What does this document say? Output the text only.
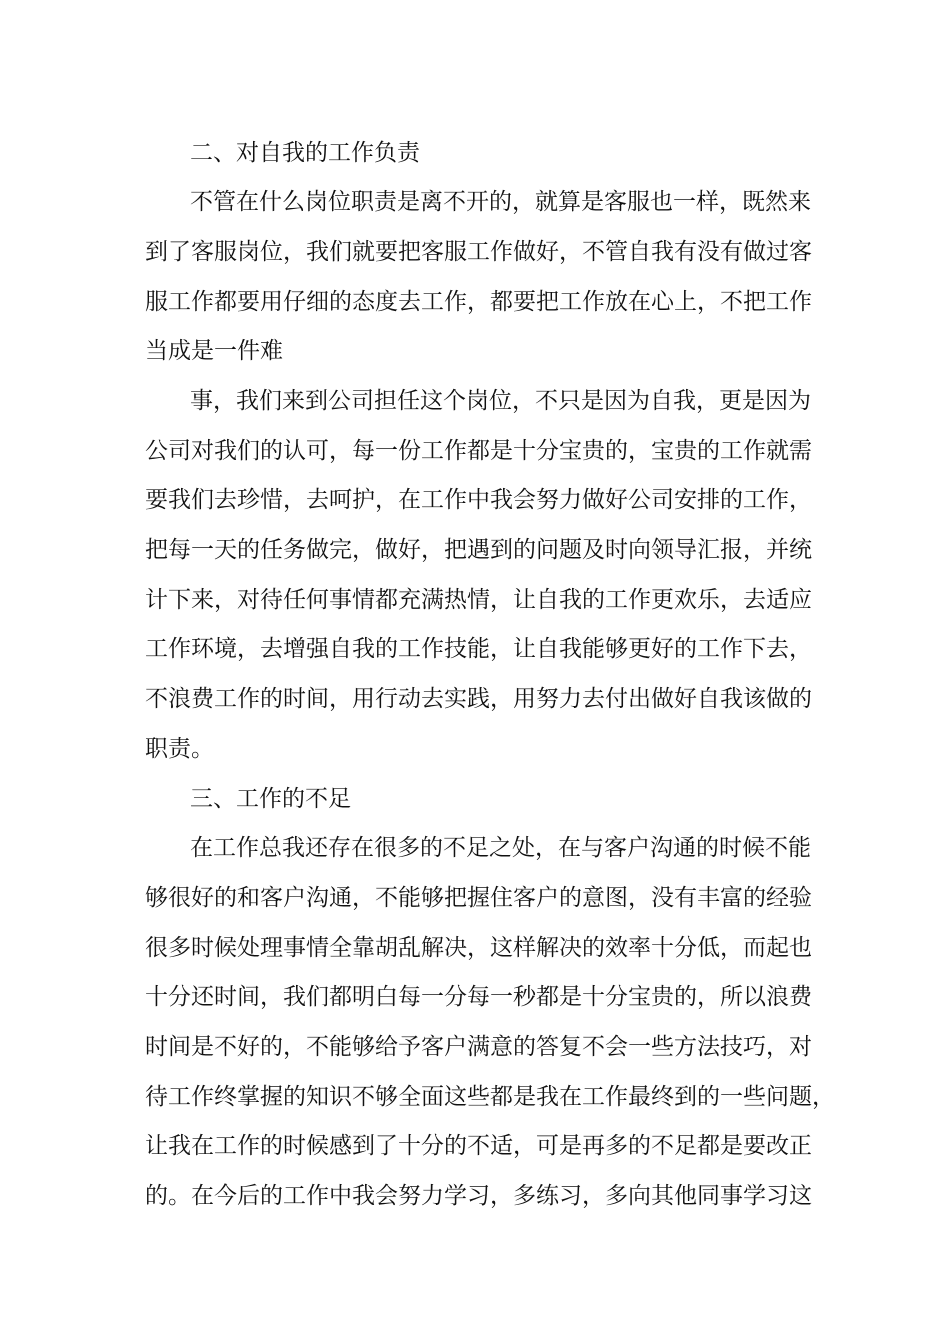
二、对自我的工作负责
不管在什么岗位职责是离不开的，就算是客服也一样，既然来
到了客服岗位，我们就要把客服工作做好，不管自我有没有做过客
服工作都要用仔细的态度去工作，都要把工作放在心上，不把工作
当成是一件难
事，我们来到公司担任这个岗位，不只是因为自我，更是因为
公司对我们的认可，每一份工作都是十分宝贵的，宝贵的工作就需
要我们去珍惜，去呵护，在工作中我会努力做好公司安排的工作，
把每一天的任务做完，做好，把遇到的问题及时向领导汇报，并统
计下来，对待任何事情都充满热情，让自我的工作更欢乐，去适应
工作环境，去增强自我的工作技能，让自我能够更好的工作下去，
不浪费工作的时间，用行动去实践，用努力去付出做好自我该做的
职责。
三、工作的不足
在工作总我还存在很多的不足之处，在与客户沟通的时候不能
够很好的和客户沟通，不能够把握住客户的意图，没有丰富的经验
很多时候处理事情全靠胡乱解决，这样解决的效率十分低，而起也
十分还时间，我们都明白每一分每一秒都是十分宝贵的，所以浪费
时间是不好的，不能够给予客户满意的答复不会一些方法技巧，对
待工作终掌握的知识不够全面这些都是我在工作最终到的一些问题，
让我在工作的时候感到了十分的不适，可是再多的不足都是要改正
的。在今后的工作中我会努力学习，多练习，多向其他同事学习这
